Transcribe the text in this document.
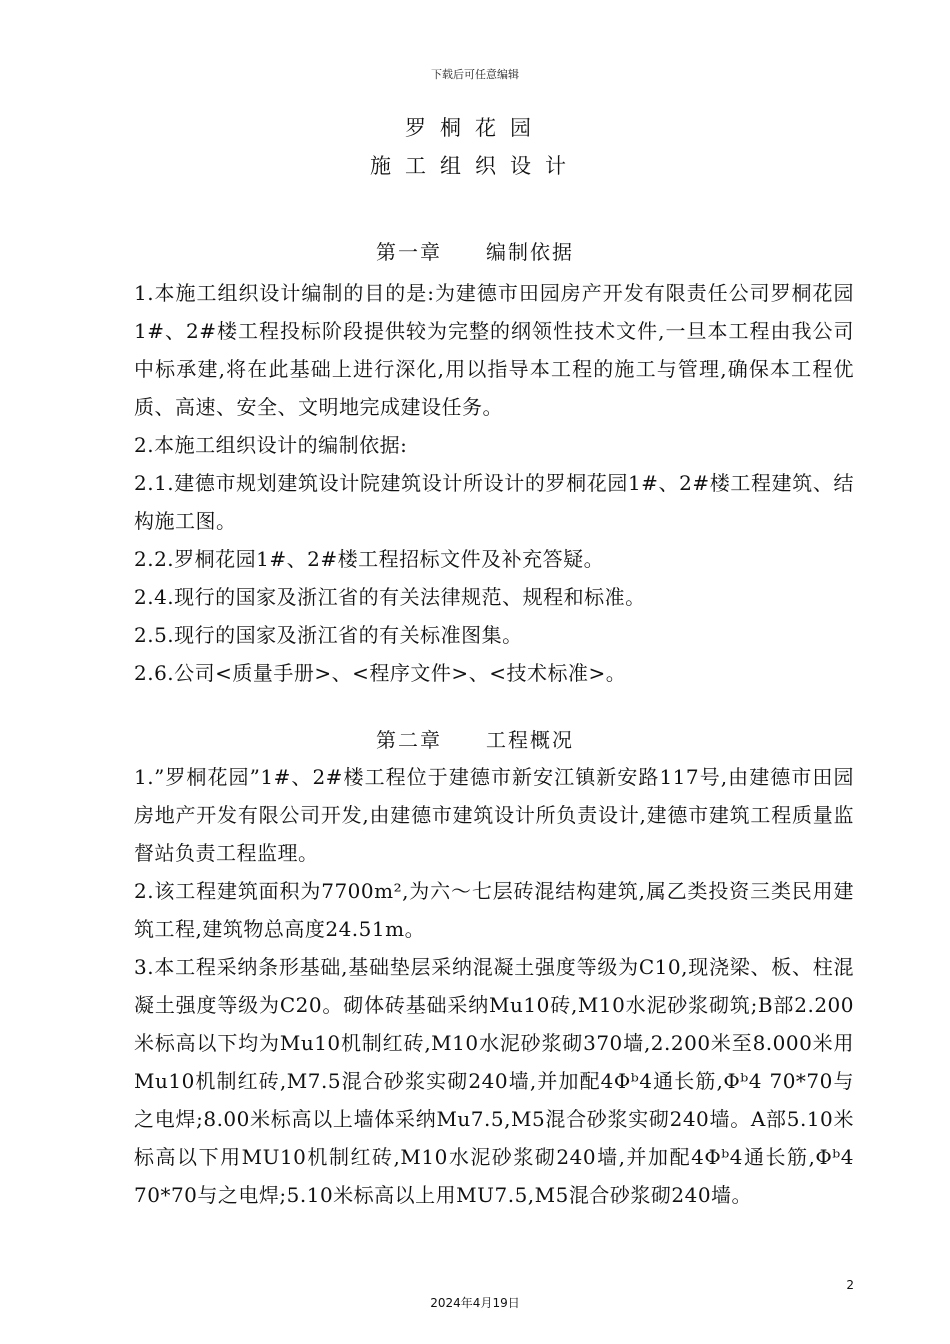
下载后可任意编辑
罗桐花园
施工组织设计
第一章　　编制依据

1.本施工组织设计编制的目的是:为建德市田园房产开发有限责任公司罗桐花园1#、2#楼工程投标阶段提供较为完整的纲领性技术文件,一旦本工程由我公司中标承建,将在此基础上进行深化,用以指导本工程的施工与管理,确保本工程优质、高速、安全、文明地完成建设任务。

2.本施工组织设计的编制依据:

2.1.建德市规划建筑设计院建筑设计所设计的罗桐花园1#、2#楼工程建筑、结构施工图。

2.2.罗桐花园1#、2#楼工程招标文件及补充答疑。

2.4.现行的国家及浙江省的有关法律规范、规程和标准。

2.5.现行的国家及浙江省的有关标准图集。

2.6.公司<质量手册>、<程序文件>、<技术标准>。

第二章　　工程概况

1.”罗桐花园”1#、2#楼工程位于建德市新安江镇新安路117号,由建德市田园房地产开发有限公司开发,由建德市建筑设计所负责设计,建德市建筑工程质量监督站负责工程监理。

2.该工程建筑面积为7700m²,为六～七层砖混结构建筑,属乙类投资三类民用建筑工程,建筑物总高度24.51m。

3.本工程采纳条形基础,基础垫层采纳混凝土强度等级为C10,现浇梁、板、柱混凝土强度等级为C20。砌体砖基础采纳Mu10砖,M10水泥砂浆砌筑;B部2.200米标高以下均为Mu10机制红砖,M10水泥砂浆砌370墙,2.200米至8.000米用Mu10机制红砖,M7.5混合砂浆实砌240墙,并加配4Φᵇ4通长筋,Φᵇ4 70*70与之电焊;8.00米标高以上墙体采纳Mu7.5,M5混合砂浆实砌240墙。A部5.10米标高以下用MU10机制红砖,M10水泥砂浆砌240墙,并加配4Φᵇ4通长筋,Φᵇ4 70*70与之电焊;5.10米标高以上用MU7.5,M5混合砂浆砌240墙。

2
2024年4月19日
